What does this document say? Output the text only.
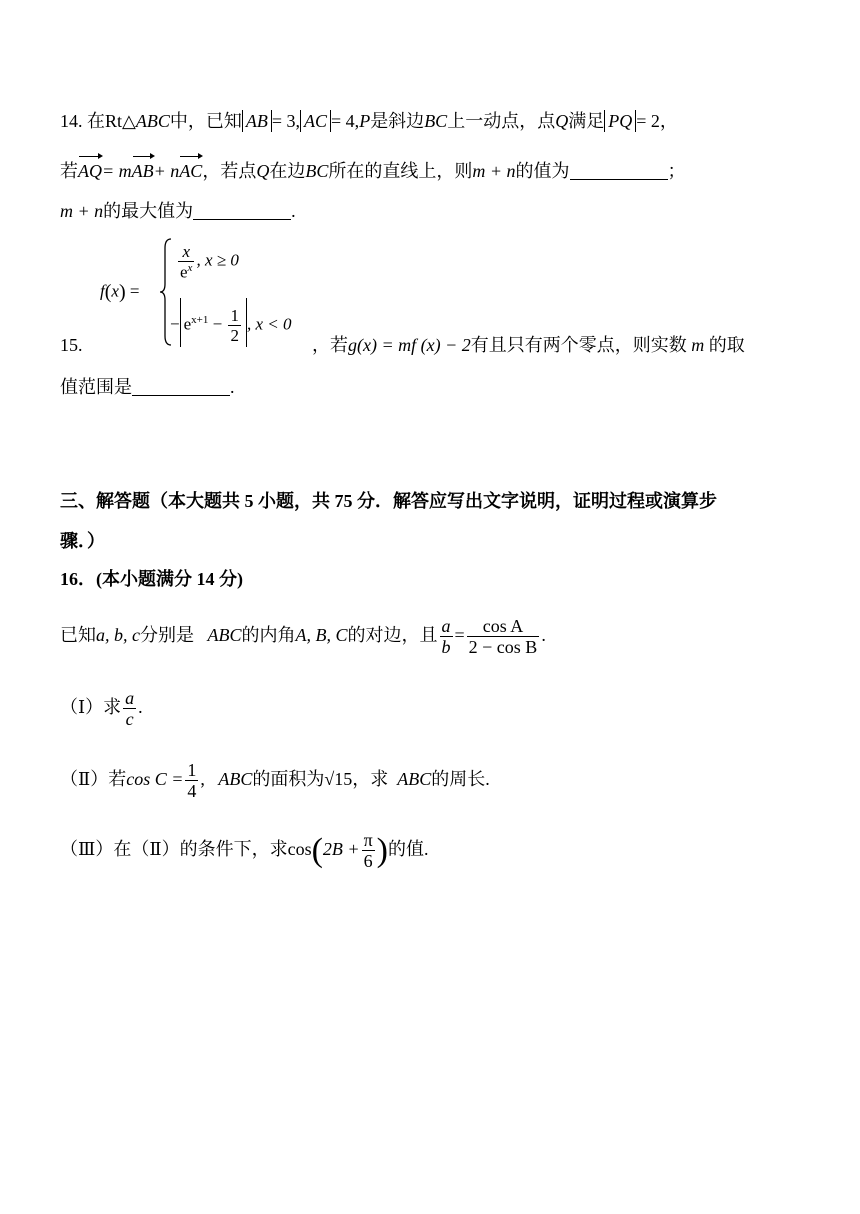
14. 在Rt△ABC中，已知 AB = 3, AC = 4,P是斜边BC上一动点，点Q满足 PQ = 2，
若AQ= mAB+ nAC，若点Q在边BC所在的直线上，则m + n的值为	；
m + n的最大值为	.
f(x) =
$\frac{x}{e^x}$ , x ≥ 0
− $e^{x+1} - \frac{1}{2}$ , x < 0
15.	，若g(x) = mf (x) − 2有且只有两个零点，则实数 m 的取
值范围是	.
三、解答题（本大题共 5 小题，共 75 分．解答应写出文字说明，证明过程或演算步
骤．）
16．(本小题满分 14 分)
已知a, b, c分别是 ABC的内角A, B, C的对边，且 $\frac{a}{b} = \frac{\text{cos A}}{\text{2 − cos B}}$ .
（Ⅰ）求 $\frac{a}{c}$ .
（Ⅱ）若$\cos C = \frac{1}{4}$ , ABC的面积为√15，求 ABC的周长.
（Ⅲ）在（Ⅱ）的条件下，求$\cos(2B + \frac{\pi}{6}$ )的值.
